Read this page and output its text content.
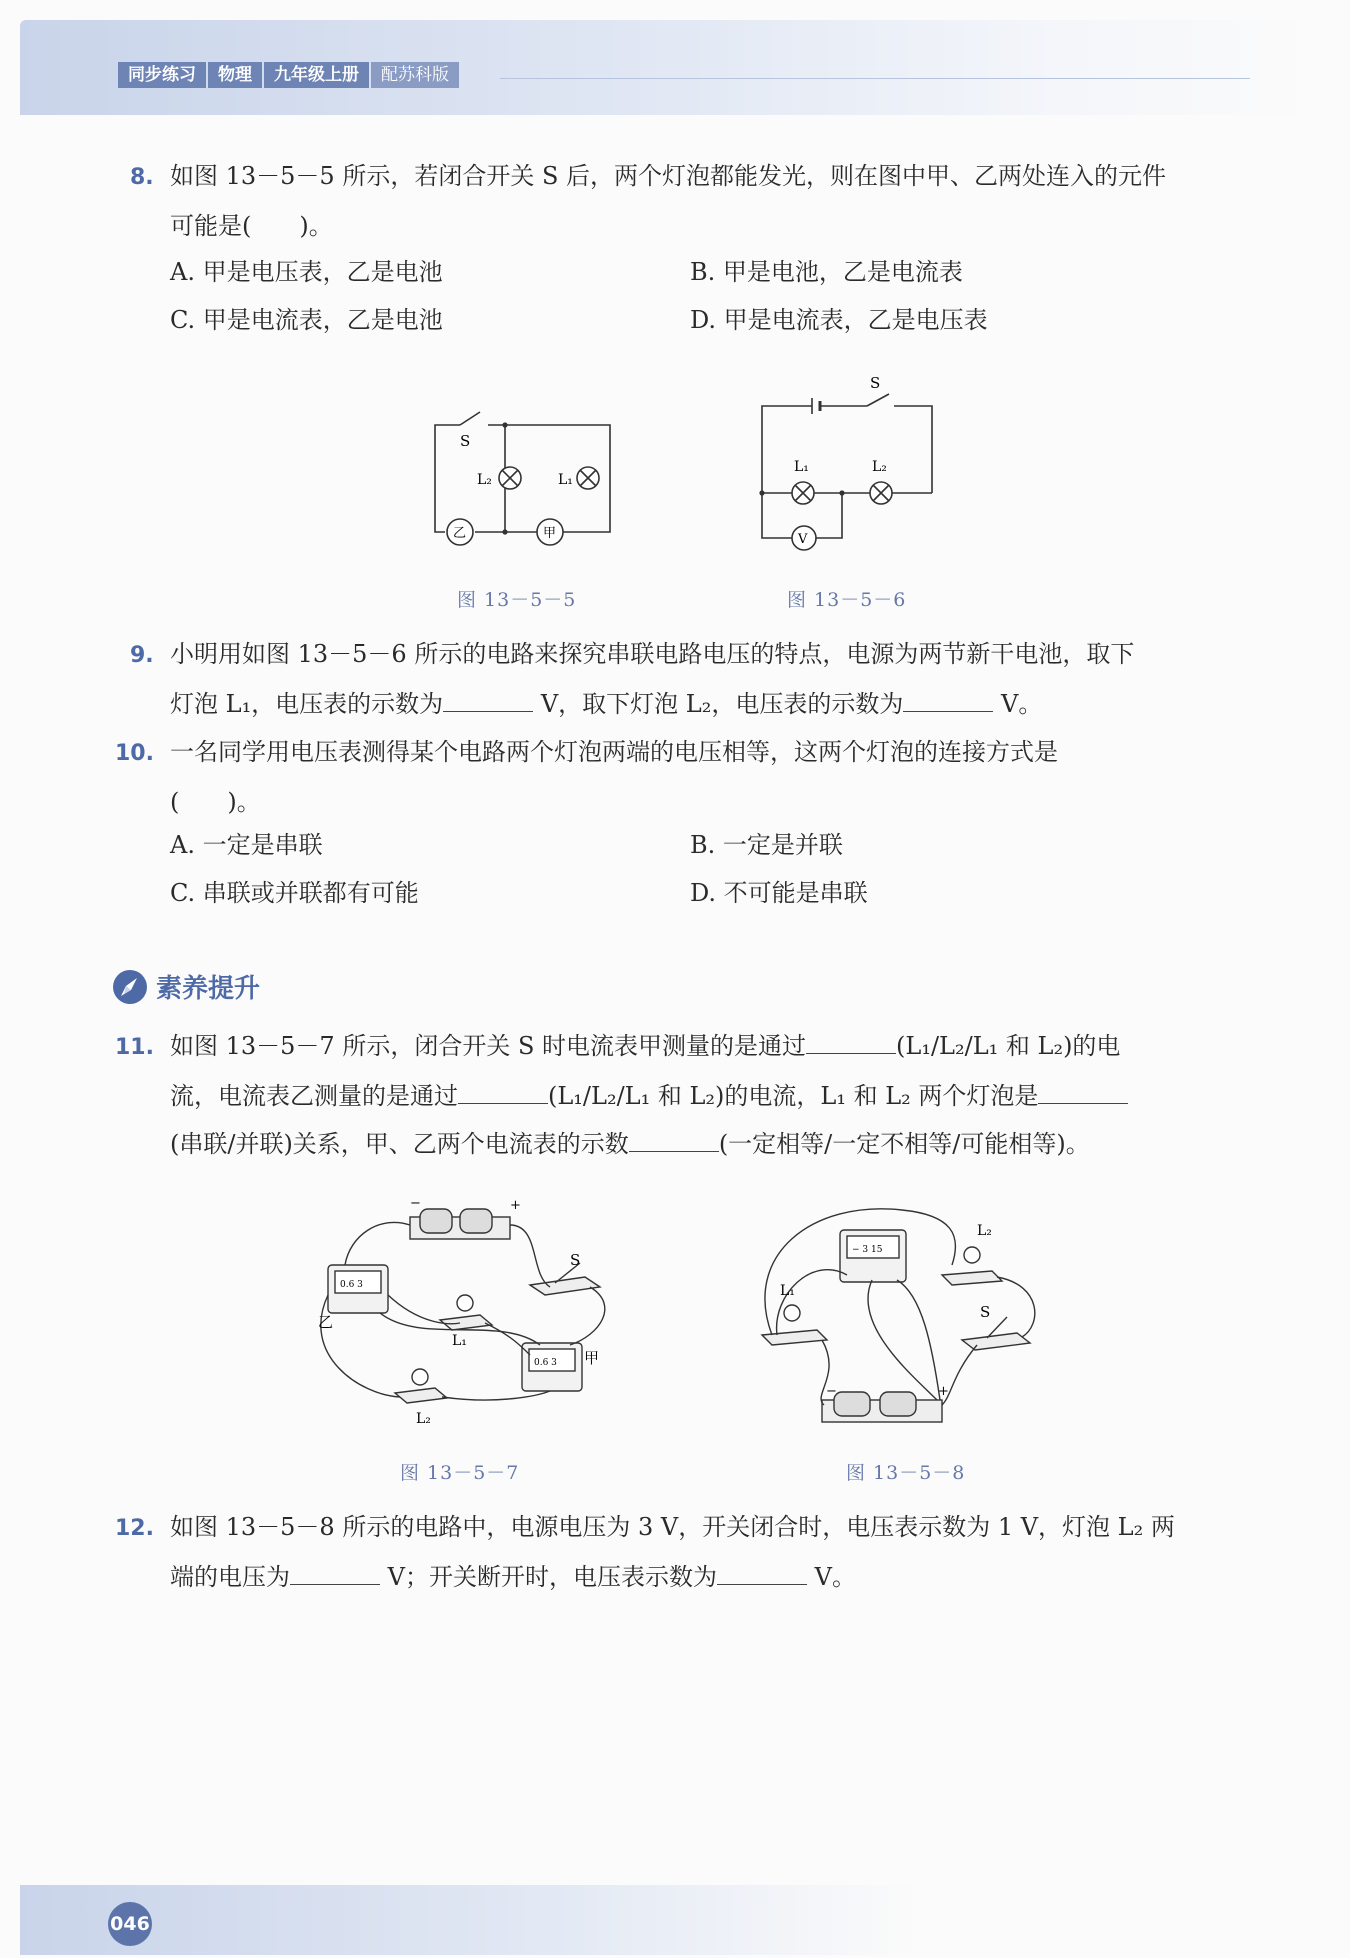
同步练习	物理	九年级上册	配苏科版
8. 如图 13－5－5 所示，若闭合开关 S 后，两个灯泡都能发光，则在图中甲、乙两处连入的元件
可能是(　　)。
A. 甲是电压表，乙是电池	B. 甲是电池，乙是电流表
C. 甲是电流表，乙是电池	D. 甲是电流表，乙是电压表
S
L₂	L₁
乙	甲
图 13－5－5
S
L₁	L₂
V
图 13－5－6
9. 小明用如图 13－5－6 所示的电路来探究串联电路电压的特点，电源为两节新干电池，取下
灯泡 L₁，电压表的示数为	V，取下灯泡 L₂，电压表的示数为	V。
10. 一名同学用电压表测得某个电路两个灯泡两端的电压相等，这两个灯泡的连接方式是
(　　)。
A. 一定是串联	B. 一定是并联
C. 串联或并联都有可能	D. 不可能是串联
素养提升
11. 如图 13－5－7 所示，闭合开关 S 时电流表甲测量的是通过	(L₁/L₂/L₁ 和 L₂)的电
流，电流表乙测量的是通过	(L₁/L₂/L₁ 和 L₂)的电流，L₁ 和 L₂ 两个灯泡是
(串联/并联)关系，甲、乙两个电流表的示数	(一定相等/一定不相等/可能相等)。
−	+
S
乙
甲
L₁
L₂
0.6 3
0.6 3
图 13－5－7
L₂
L₁
S
−	+
− 3 15
图 13－5－8
12. 如图 13－5－8 所示的电路中，电源电压为 3 V，开关闭合时，电压表示数为 1 V，灯泡 L₂ 两
端的电压为	V；开关断开时，电压表示数为	V。
046
